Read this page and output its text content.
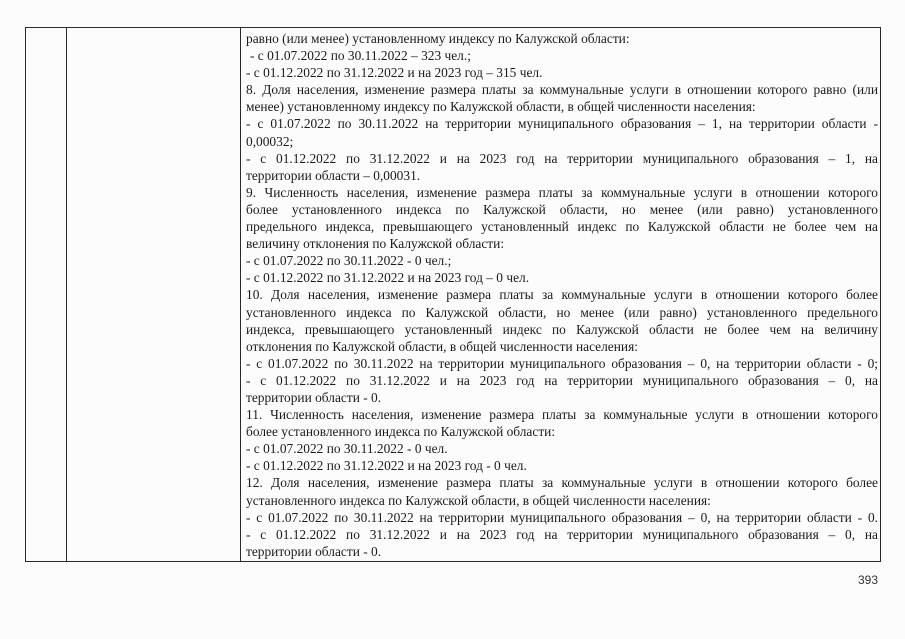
равно (или менее) установленному индексу по Калужской области:

- с 01.07.2022 по 30.11.2022 – 323 чел.;

- с 01.12.2022 по 31.12.2022 и на 2023 год – 315 чел.

8. Доля населения, изменение размера платы за коммунальные услуги в отношении которого равно (или

менее) установленному индексу по Калужской области, в общей численности населения:

- с 01.07.2022 по 30.11.2022 на территории муниципального образования – 1, на территории области -

0,00032;

- с 01.12.2022 по 31.12.2022 и на 2023 год на территории муниципального образования – 1, на

территории области – 0,00031.

9. Численность населения, изменение размера платы за коммунальные услуги в отношении которого

более установленного индекса по Калужской области, но менее (или равно) установленного

предельного индекса, превышающего установленный индекс по Калужской области не более чем на

величину отклонения по Калужской области:

- с 01.07.2022 по 30.11.2022 - 0 чел.;

- с 01.12.2022 по 31.12.2022 и на 2023 год – 0 чел.

10. Доля населения, изменение размера платы за коммунальные услуги в отношении которого более

установленного индекса по Калужской области, но менее (или равно) установленного предельного

индекса, превышающего установленный индекс по Калужской области не более чем на величину

отклонения по Калужской области, в общей численности населения:

- с 01.07.2022 по 30.11.2022 на территории муниципального образования – 0, на территории области - 0;

- с 01.12.2022 по 31.12.2022 и на 2023 год на территории муниципального образования – 0, на

территории области - 0.

11. Численность населения, изменение размера платы за коммунальные услуги в отношении которого

более установленного индекса по Калужской области:

- с 01.07.2022 по 30.11.2022 - 0 чел.

- с 01.12.2022 по 31.12.2022 и на 2023 год - 0 чел.

12. Доля населения, изменение размера платы за коммунальные услуги в отношении которого более

установленного индекса по Калужской области, в общей численности населения:

- с 01.07.2022 по 30.11.2022 на территории муниципального образования – 0, на территории области - 0.

- с 01.12.2022 по 31.12.2022 и на 2023 год на территории муниципального образования – 0, на

территории области - 0.

393
